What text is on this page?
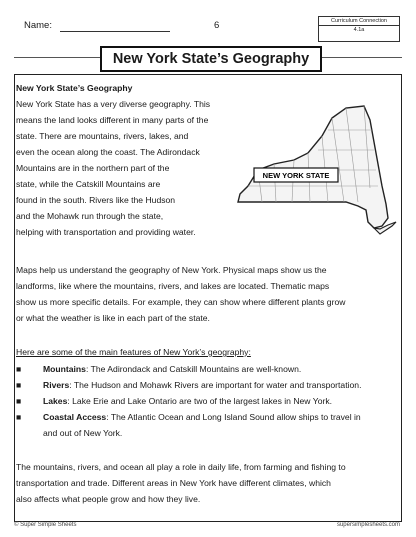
Name:	6	Curriculum Connection
4.1a
New York State’s Geography
New York State’s Geography
New York State has a very diverse geography. This
means the land looks different in many parts of the
state. There are mountains, rivers, lakes, and
even the ocean along the coast. The Adirondack
Mountains are in the northern part of the
state, while the Catskill Mountains are
found in the south. Rivers like the Hudson
and the Mohawk run through the state,
helping with transportation and providing water.
NEW YORK STATE
Maps help us understand the geography of New York. Physical maps show us the
landforms, like where the mountains, rivers, and lakes are located. Thematic maps
show us more specific details. For example, they can show where different plants grow
or what the weather is like in each part of the state.
Here are some of the main features of New York’s geography:
■	Mountains: The Adirondack and Catskill Mountains are well-known.
■	Rivers: The Hudson and Mohawk Rivers are important for water and transportation.
■	Lakes: Lake Erie and Lake Ontario are two of the largest lakes in New York.
■	Coastal Access: The Atlantic Ocean and Long Island Sound allow ships to travel in
and out of New York.
The mountains, rivers, and ocean all play a role in daily life, from farming and fishing to
transportation and trade. Different areas in New York have different climates, which
also affects what people grow and how they live.
© Super Simple Sheets	supersimplesheets.com
